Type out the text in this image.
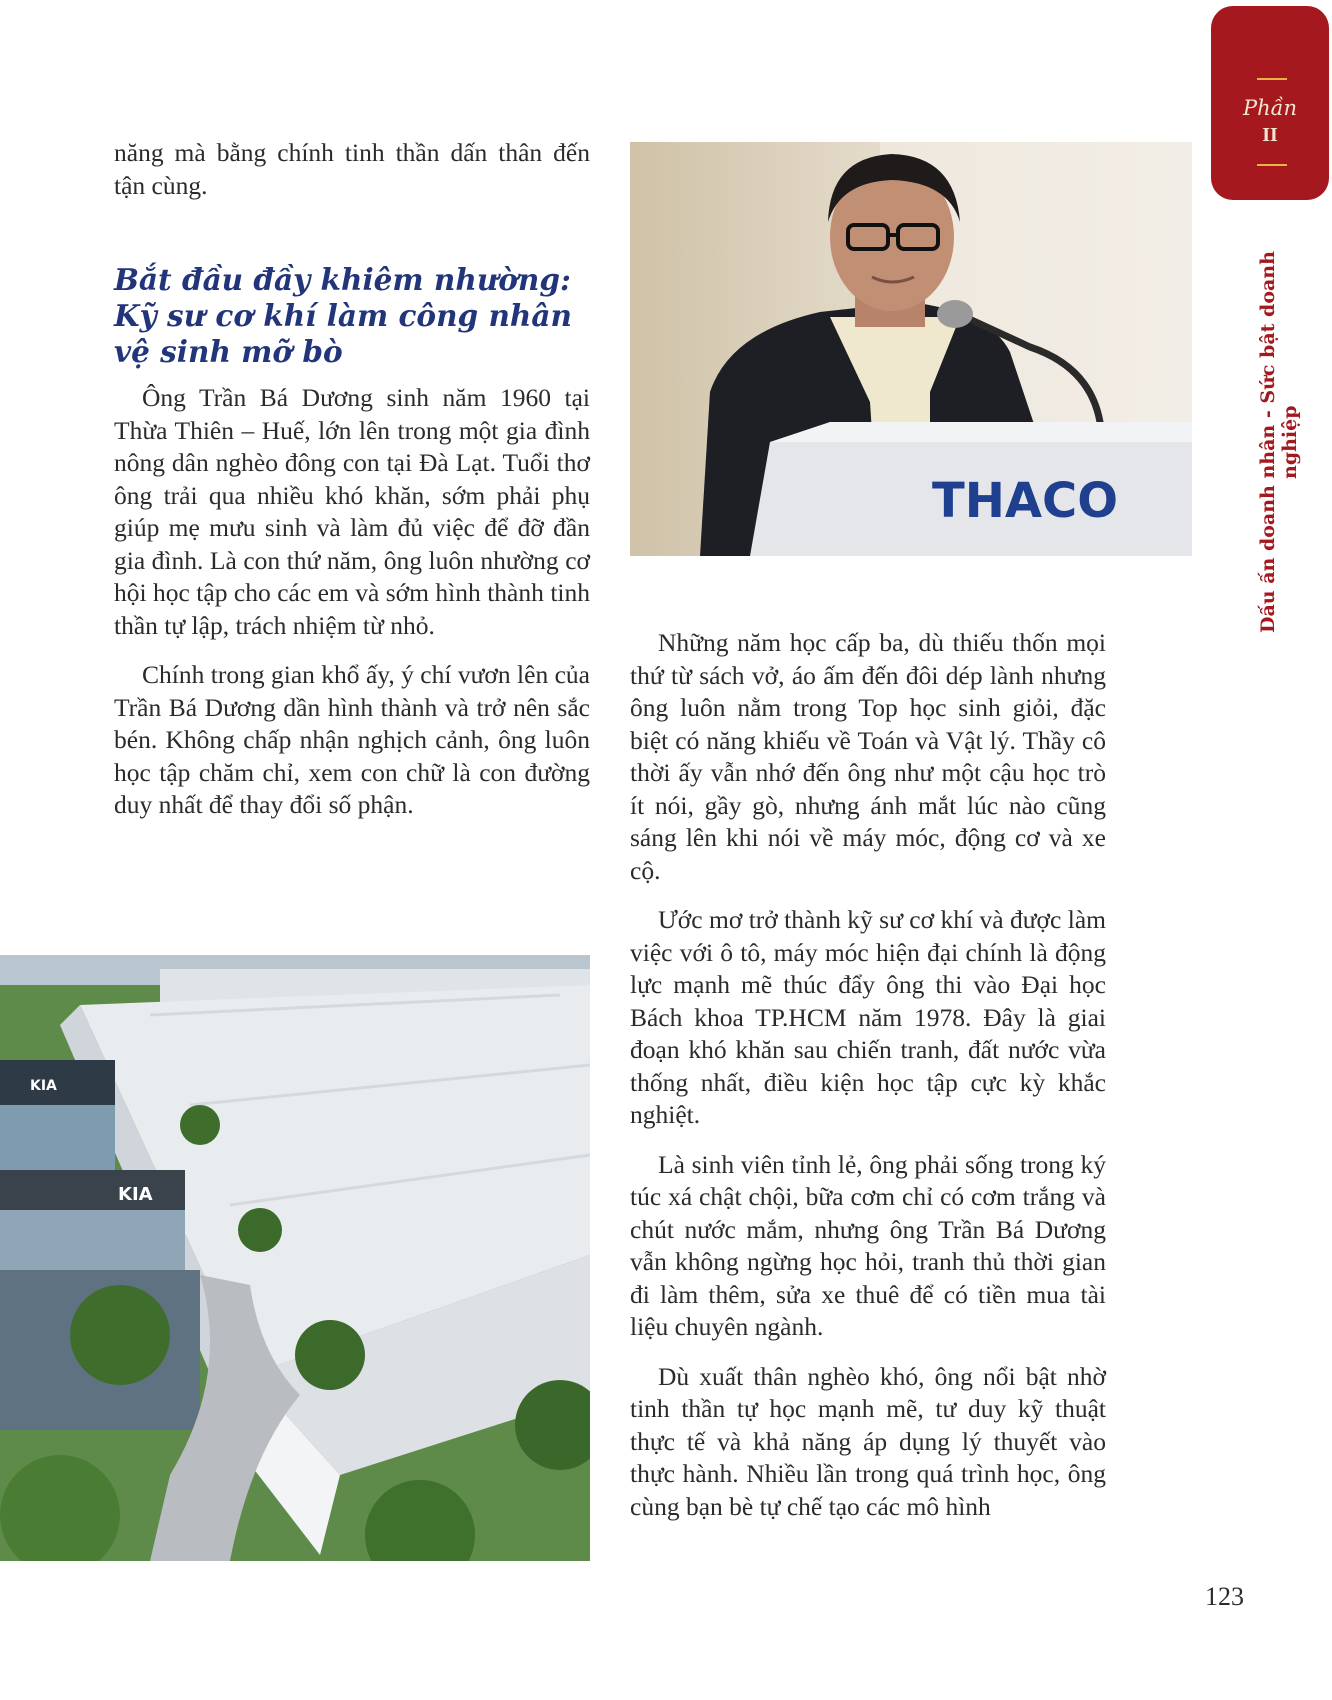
Phần
II
Dấu ấn doanh nhân - Sức bật doanh nghiệp

năng mà bằng chính tinh thần dấn thân đến tận cùng.

Bắt đầu đầy khiêm nhường: Kỹ sư cơ khí làm công nhân vệ sinh mỡ bò

Ông Trần Bá Dương sinh năm 1960 tại Thừa Thiên – Huế, lớn lên trong một gia đình nông dân nghèo đông con tại Đà Lạt. Tuổi thơ ông trải qua nhiều khó khăn, sớm phải phụ giúp mẹ mưu sinh và làm đủ việc để đỡ đần gia đình. Là con thứ năm, ông luôn nhường cơ hội học tập cho các em và sớm hình thành tinh thần tự lập, trách nhiệm từ nhỏ.

Chính trong gian khổ ấy, ý chí vươn lên của Trần Bá Dương dần hình thành và trở nên sắc bén. Không chấp nhận nghịch cảnh, ông luôn học tập chăm chỉ, xem con chữ là con đường duy nhất để thay đổi số phận.

THACO
KIA
KIA

Những năm học cấp ba, dù thiếu thốn mọi thứ từ sách vở, áo ấm đến đôi dép lành nhưng ông luôn nằm trong Top học sinh giỏi, đặc biệt có năng khiếu về Toán và Vật lý. Thầy cô thời ấy vẫn nhớ đến ông như một cậu học trò ít nói, gầy gò, nhưng ánh mắt lúc nào cũng sáng lên khi nói về máy móc, động cơ và xe cộ.

Ước mơ trở thành kỹ sư cơ khí và được làm việc với ô tô, máy móc hiện đại chính là động lực mạnh mẽ thúc đẩy ông thi vào Đại học Bách khoa TP.HCM năm 1978. Đây là giai đoạn khó khăn sau chiến tranh, đất nước vừa thống nhất, điều kiện học tập cực kỳ khắc nghiệt.

Là sinh viên tỉnh lẻ, ông phải sống trong ký túc xá chật chội, bữa cơm chỉ có cơm trắng và chút nước mắm, nhưng ông Trần Bá Dương vẫn không ngừng học hỏi, tranh thủ thời gian đi làm thêm, sửa xe thuê để có tiền mua tài liệu chuyên ngành.

Dù xuất thân nghèo khó, ông nổi bật nhờ tinh thần tự học mạnh mẽ, tư duy kỹ thuật thực tế và khả năng áp dụng lý thuyết vào thực hành. Nhiều lần trong quá trình học, ông cùng bạn bè tự chế tạo các mô hình

123
